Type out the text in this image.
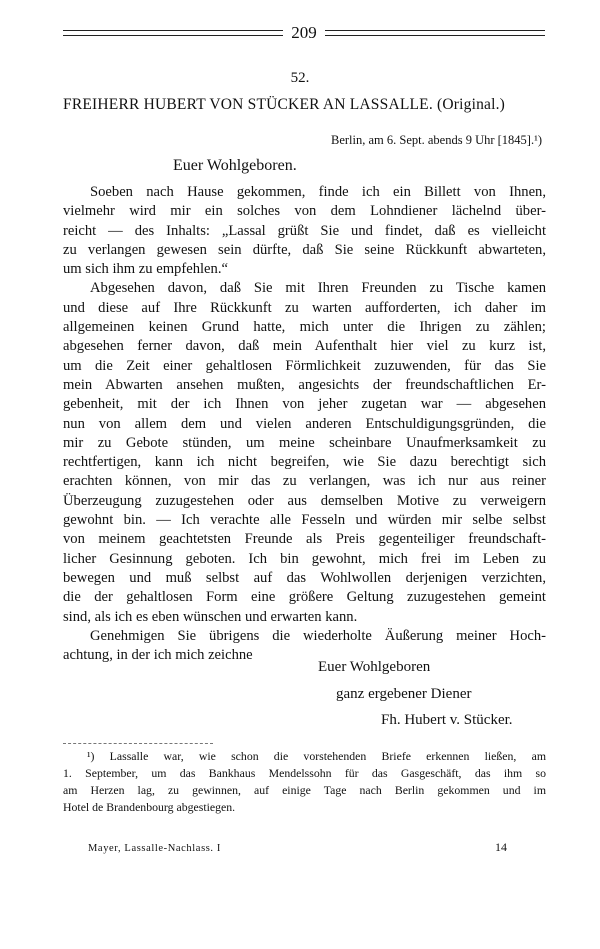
209
52.
FREIHERR HUBERT VON STÜCKER AN LASSALLE. (Original.)
Berlin, am 6. Sept. abends 9 Uhr [1845].¹)
Euer Wohlgeboren.
Soeben nach Hause gekommen, finde ich ein Billett von Ihnen,
vielmehr wird mir ein solches von dem Lohndiener lächelnd über-
reicht — des Inhalts: „Lassal grüßt Sie und findet, daß es vielleicht
zu verlangen gewesen sein dürfte, daß Sie seine Rückkunft abwarteten,
um sich ihm zu empfehlen.“
Abgesehen davon, daß Sie mit Ihren Freunden zu Tische kamen
und diese auf Ihre Rückkunft zu warten aufforderten, ich daher im
allgemeinen keinen Grund hatte, mich unter die Ihrigen zu zählen;
abgesehen ferner davon, daß mein Aufenthalt hier viel zu kurz ist,
um die Zeit einer gehaltlosen Förmlichkeit zuzuwenden, für das Sie
mein Abwarten ansehen mußten, angesichts der freundschaftlichen Er-
gebenheit, mit der ich Ihnen von jeher zugetan war — abgesehen
nun von allem dem und vielen anderen Entschuldigungsgründen, die
mir zu Gebote stünden, um meine scheinbare Unaufmerksamkeit zu
rechtfertigen, kann ich nicht begreifen, wie Sie dazu berechtigt sich
erachten können, von mir das zu verlangen, was ich nur aus reiner
Überzeugung zuzugestehen oder aus demselben Motive zu verweigern
gewohnt bin. — Ich verachte alle Fesseln und würden mir selbe selbst
von meinem geachtetsten Freunde als Preis gegenteiliger freundschaft-
licher Gesinnung geboten. Ich bin gewohnt, mich frei im Leben zu
bewegen und muß selbst auf das Wohlwollen derjenigen verzichten,
die der gehaltlosen Form eine größere Geltung zuzugestehen gemeint
sind, als ich es eben wünschen und erwarten kann.
Genehmigen Sie übrigens die wiederholte Äußerung meiner Hoch-
achtung, in der ich mich zeichne
Euer Wohlgeboren
ganz ergebener Diener
Fh. Hubert v. Stücker.
¹) Lassalle war, wie schon die vorstehenden Briefe erkennen ließen, am
1. September, um das Bankhaus Mendelssohn für das Gasgeschäft, das ihm so
am Herzen lag, zu gewinnen, auf einige Tage nach Berlin gekommen und im
Hotel de Brandenbourg abgestiegen.
Mayer, Lassalle-Nachlass. I	14
